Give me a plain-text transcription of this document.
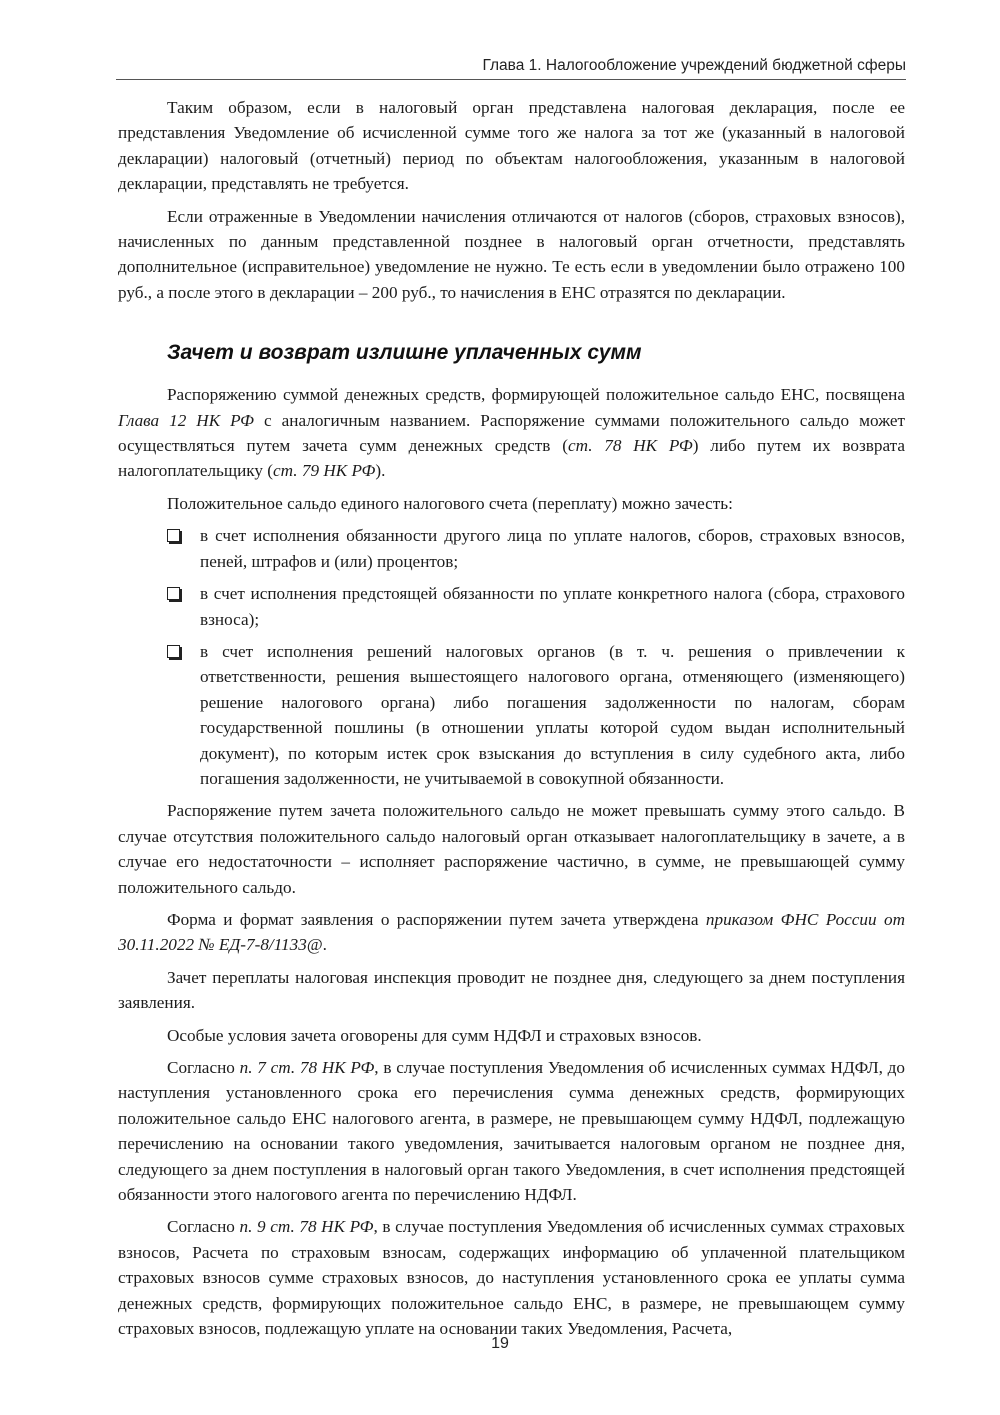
Глава 1. Налогообложение учреждений бюджетной сферы

Таким образом, если в налоговый орган представлена налоговая декларация, после ее представления Уведомление об исчисленной сумме того же налога за тот же (указанный в налоговой декларации) налоговый (отчетный) период по объектам налогообложения, указанным в налоговой декларации, представлять не требуется.

Если отраженные в Уведомлении начисления отличаются от налогов (сборов, страховых взносов), начисленных по данным представленной позднее в налоговый орган отчетности, представлять дополнительное (исправительное) уведомление не нужно. Те есть если в уведомлении было отражено 100 руб., а после этого в декларации – 200 руб., то начисления в ЕНС отразятся по декларации.

Зачет и возврат излишне уплаченных сумм

Распоряжению суммой денежных средств, формирующей положительное сальдо ЕНС, посвящена Глава 12 НК РФ с аналогичным названием. Распоряжение суммами положительного сальдо может осуществляться путем зачета сумм денежных средств (ст. 78 НК РФ) либо путем их возврата налогоплательщику (ст. 79 НК РФ).

Положительное сальдо единого налогового счета (переплату) можно зачесть:

в счет исполнения обязанности другого лица по уплате налогов, сборов, страховых взносов, пеней, штрафов и (или) процентов;
в счет исполнения предстоящей обязанности по уплате конкретного налога (сбора, страхового взноса);
в счет исполнения решений налоговых органов (в т. ч. решения о привлечении к ответственности, решения вышестоящего налогового органа, отменяющего (изменяющего) решение налогового органа) либо погашения задолженности по налогам, сборам государственной пошлины (в отношении уплаты которой судом выдан исполнительный документ), по которым истек срок взыскания до вступления в силу судебного акта, либо погашения задолженности, не учитываемой в совокупной обязанности.

Распоряжение путем зачета положительного сальдо не может превышать сумму этого сальдо. В случае отсутствия положительного сальдо налоговый орган отказывает налогоплательщику в зачете, а в случае его недостаточности – исполняет распоряжение частично, в сумме, не превышающей сумму положительного сальдо.

Форма и формат заявления о распоряжении путем зачета утверждена приказом ФНС России от 30.11.2022 № ЕД-7-8/1133@.

Зачет переплаты налоговая инспекция проводит не позднее дня, следующего за днем поступления заявления.

Особые условия зачета оговорены для сумм НДФЛ и страховых взносов.

Согласно п. 7 ст. 78 НК РФ, в случае поступления Уведомления об исчисленных суммах НДФЛ, до наступления установленного срока его перечисления сумма денежных средств, формирующих положительное сальдо ЕНС налогового агента, в размере, не превышающем сумму НДФЛ, подлежащую перечислению на основании такого уведомления, зачитывается налоговым органом не позднее дня, следующего за днем поступления в налоговый орган такого Уведомления, в счет исполнения предстоящей обязанности этого налогового агента по перечислению НДФЛ.

Согласно п. 9 ст. 78 НК РФ, в случае поступления Уведомления об исчисленных суммах страховых взносов, Расчета по страховым взносам, содержащих информацию об уплаченной плательщиком страховых взносов сумме страховых взносов, до наступления установленного срока ее уплаты сумма денежных средств, формирующих положительное сальдо ЕНС, в размере, не превышающем сумму страховых взносов, подлежащую уплате на основании таких Уведомления, Расчета,

19
